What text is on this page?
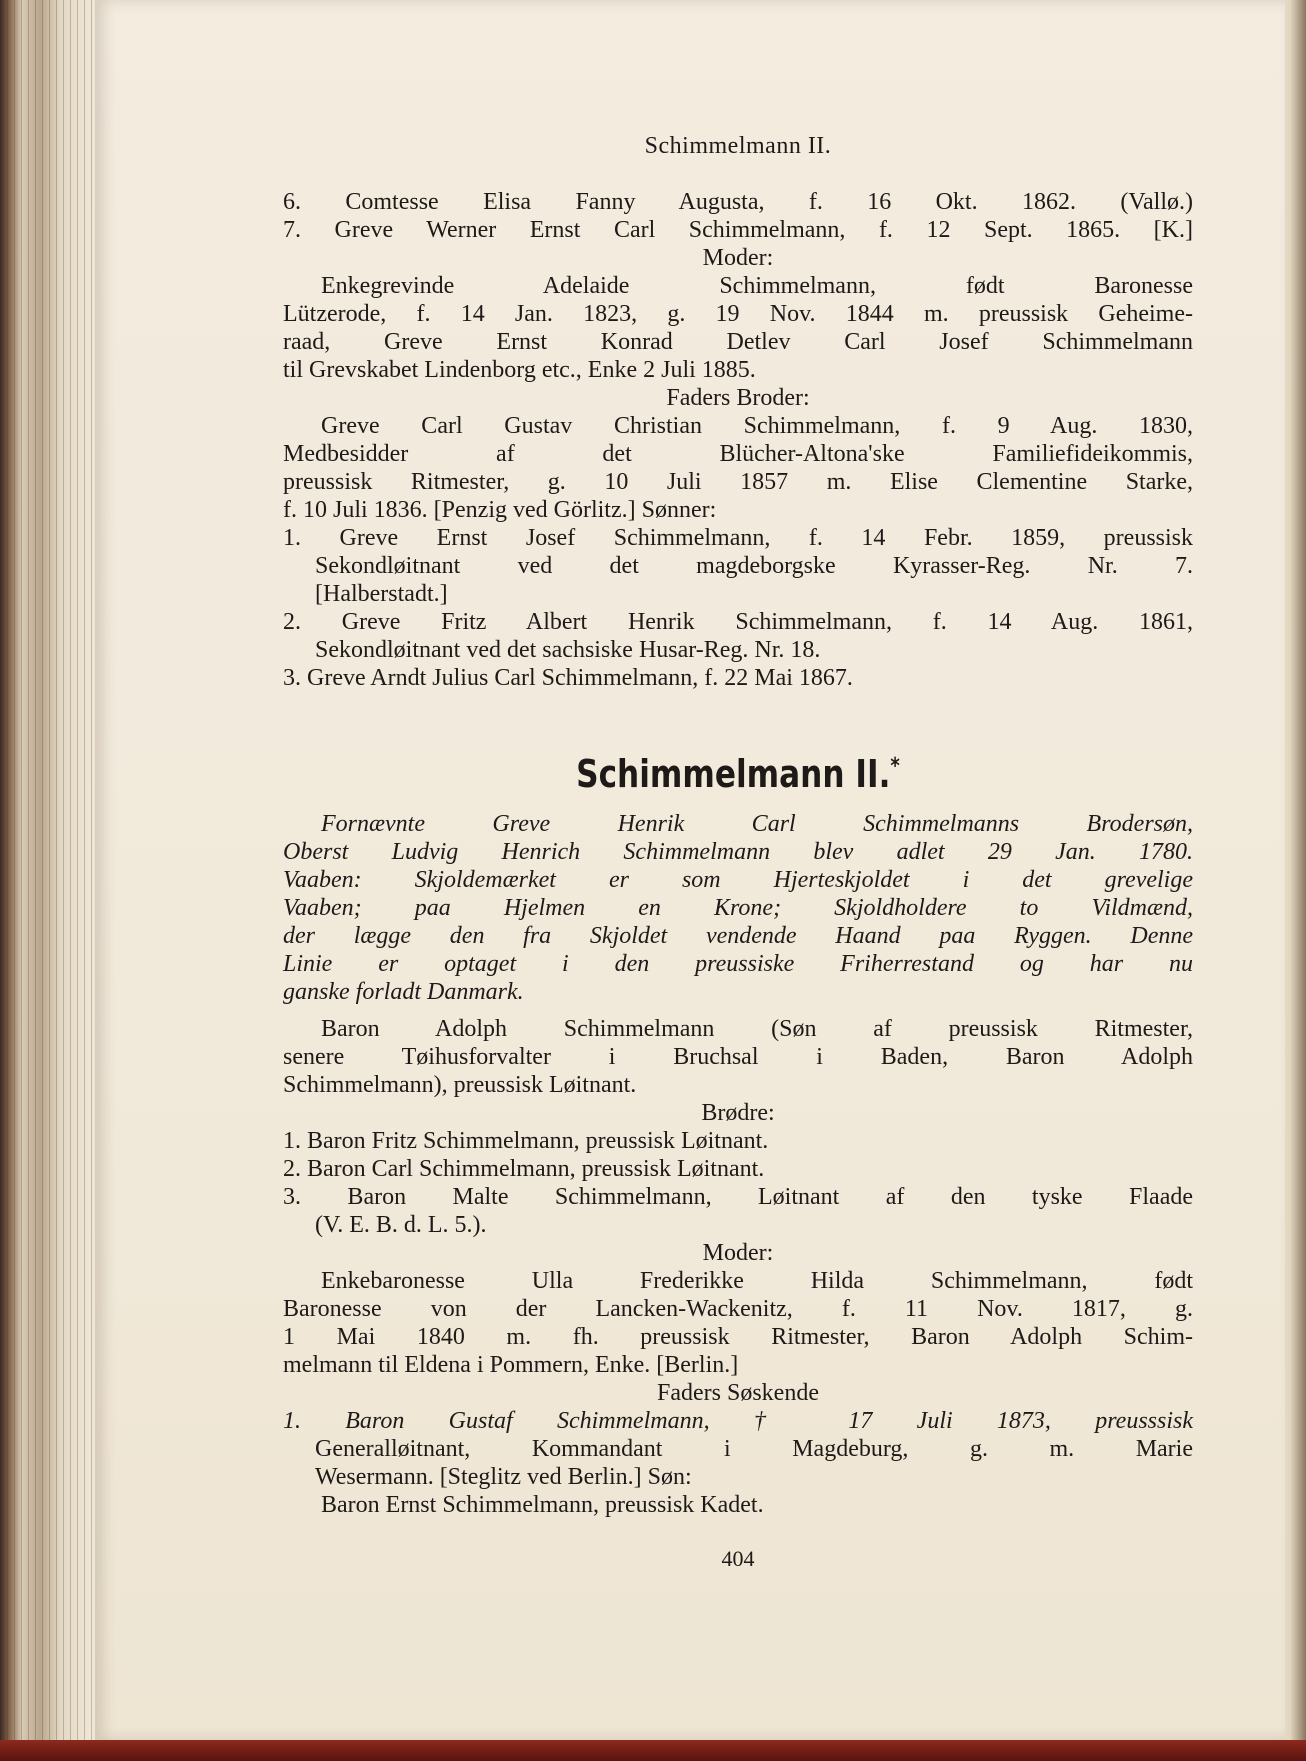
Schimmelmann II.
6. Comtesse Elisa Fanny Augusta, f. 16 Okt. 1862. (Vallø.)
7. Greve Werner Ernst Carl Schimmelmann, f. 12 Sept. 1865. [K.]
Moder:
Enkegrevinde Adelaide Schimmelmann, født Baronesse
Lützerode, f. 14 Jan. 1823, g. 19 Nov. 1844 m. preussisk Geheime-
raad, Greve Ernst Konrad Detlev Carl Josef Schimmelmann
til Grevskabet Lindenborg etc., Enke 2 Juli 1885.
Faders Broder:
Greve Carl Gustav Christian Schimmelmann, f. 9 Aug. 1830,
Medbesidder af det Blücher-Altona'ske Familiefideikommis,
preussisk Ritmester, g. 10 Juli 1857 m. Elise Clementine Starke,
f. 10 Juli 1836. [Penzig ved Görlitz.] Sønner:
1. Greve Ernst Josef Schimmelmann, f. 14 Febr. 1859, preussisk
Sekondløitnant ved det magdeborgske Kyrasser-Reg. Nr. 7.
[Halberstadt.]
2. Greve Fritz Albert Henrik Schimmelmann, f. 14 Aug. 1861,
Sekondløitnant ved det sachsiske Husar-Reg. Nr. 18.
3. Greve Arndt Julius Carl Schimmelmann, f. 22 Mai 1867.
Schimmelmann II.*
Fornævnte Greve Henrik Carl Schimmelmanns Brodersøn,
Oberst Ludvig Henrich Schimmelmann blev adlet 29 Jan. 1780.
Vaaben: Skjoldemærket er som Hjerteskjoldet i det grevelige
Vaaben; paa Hjelmen en Krone; Skjoldholdere to Vildmænd,
der lægge den fra Skjoldet vendende Haand paa Ryggen. Denne
Linie er optaget i den preussiske Friherrestand og har nu
ganske forladt Danmark.
Baron Adolph Schimmelmann (Søn af preussisk Ritmester,
senere Tøihusforvalter i Bruchsal i Baden, Baron Adolph
Schimmelmann), preussisk Løitnant.
Brødre:
1. Baron Fritz Schimmelmann, preussisk Løitnant.
2. Baron Carl Schimmelmann, preussisk Løitnant.
3. Baron Malte Schimmelmann, Løitnant af den tyske Flaade
(V. E. B. d. L. 5.).
Moder:
Enkebaronesse Ulla Frederikke Hilda Schimmelmann, født
Baronesse von der Lancken-Wackenitz, f. 11 Nov. 1817, g.
1 Mai 1840 m. fh. preussisk Ritmester, Baron Adolph Schim-
melmann til Eldena i Pommern, Enke. [Berlin.]
Faders Søskende
1. Baron Gustaf Schimmelmann, † 17 Juli 1873, preusssisk
Generalløitnant, Kommandant i Magdeburg, g. m. Marie
Wesermann. [Steglitz ved Berlin.] Søn:
Baron Ernst Schimmelmann, preussisk Kadet.
404
